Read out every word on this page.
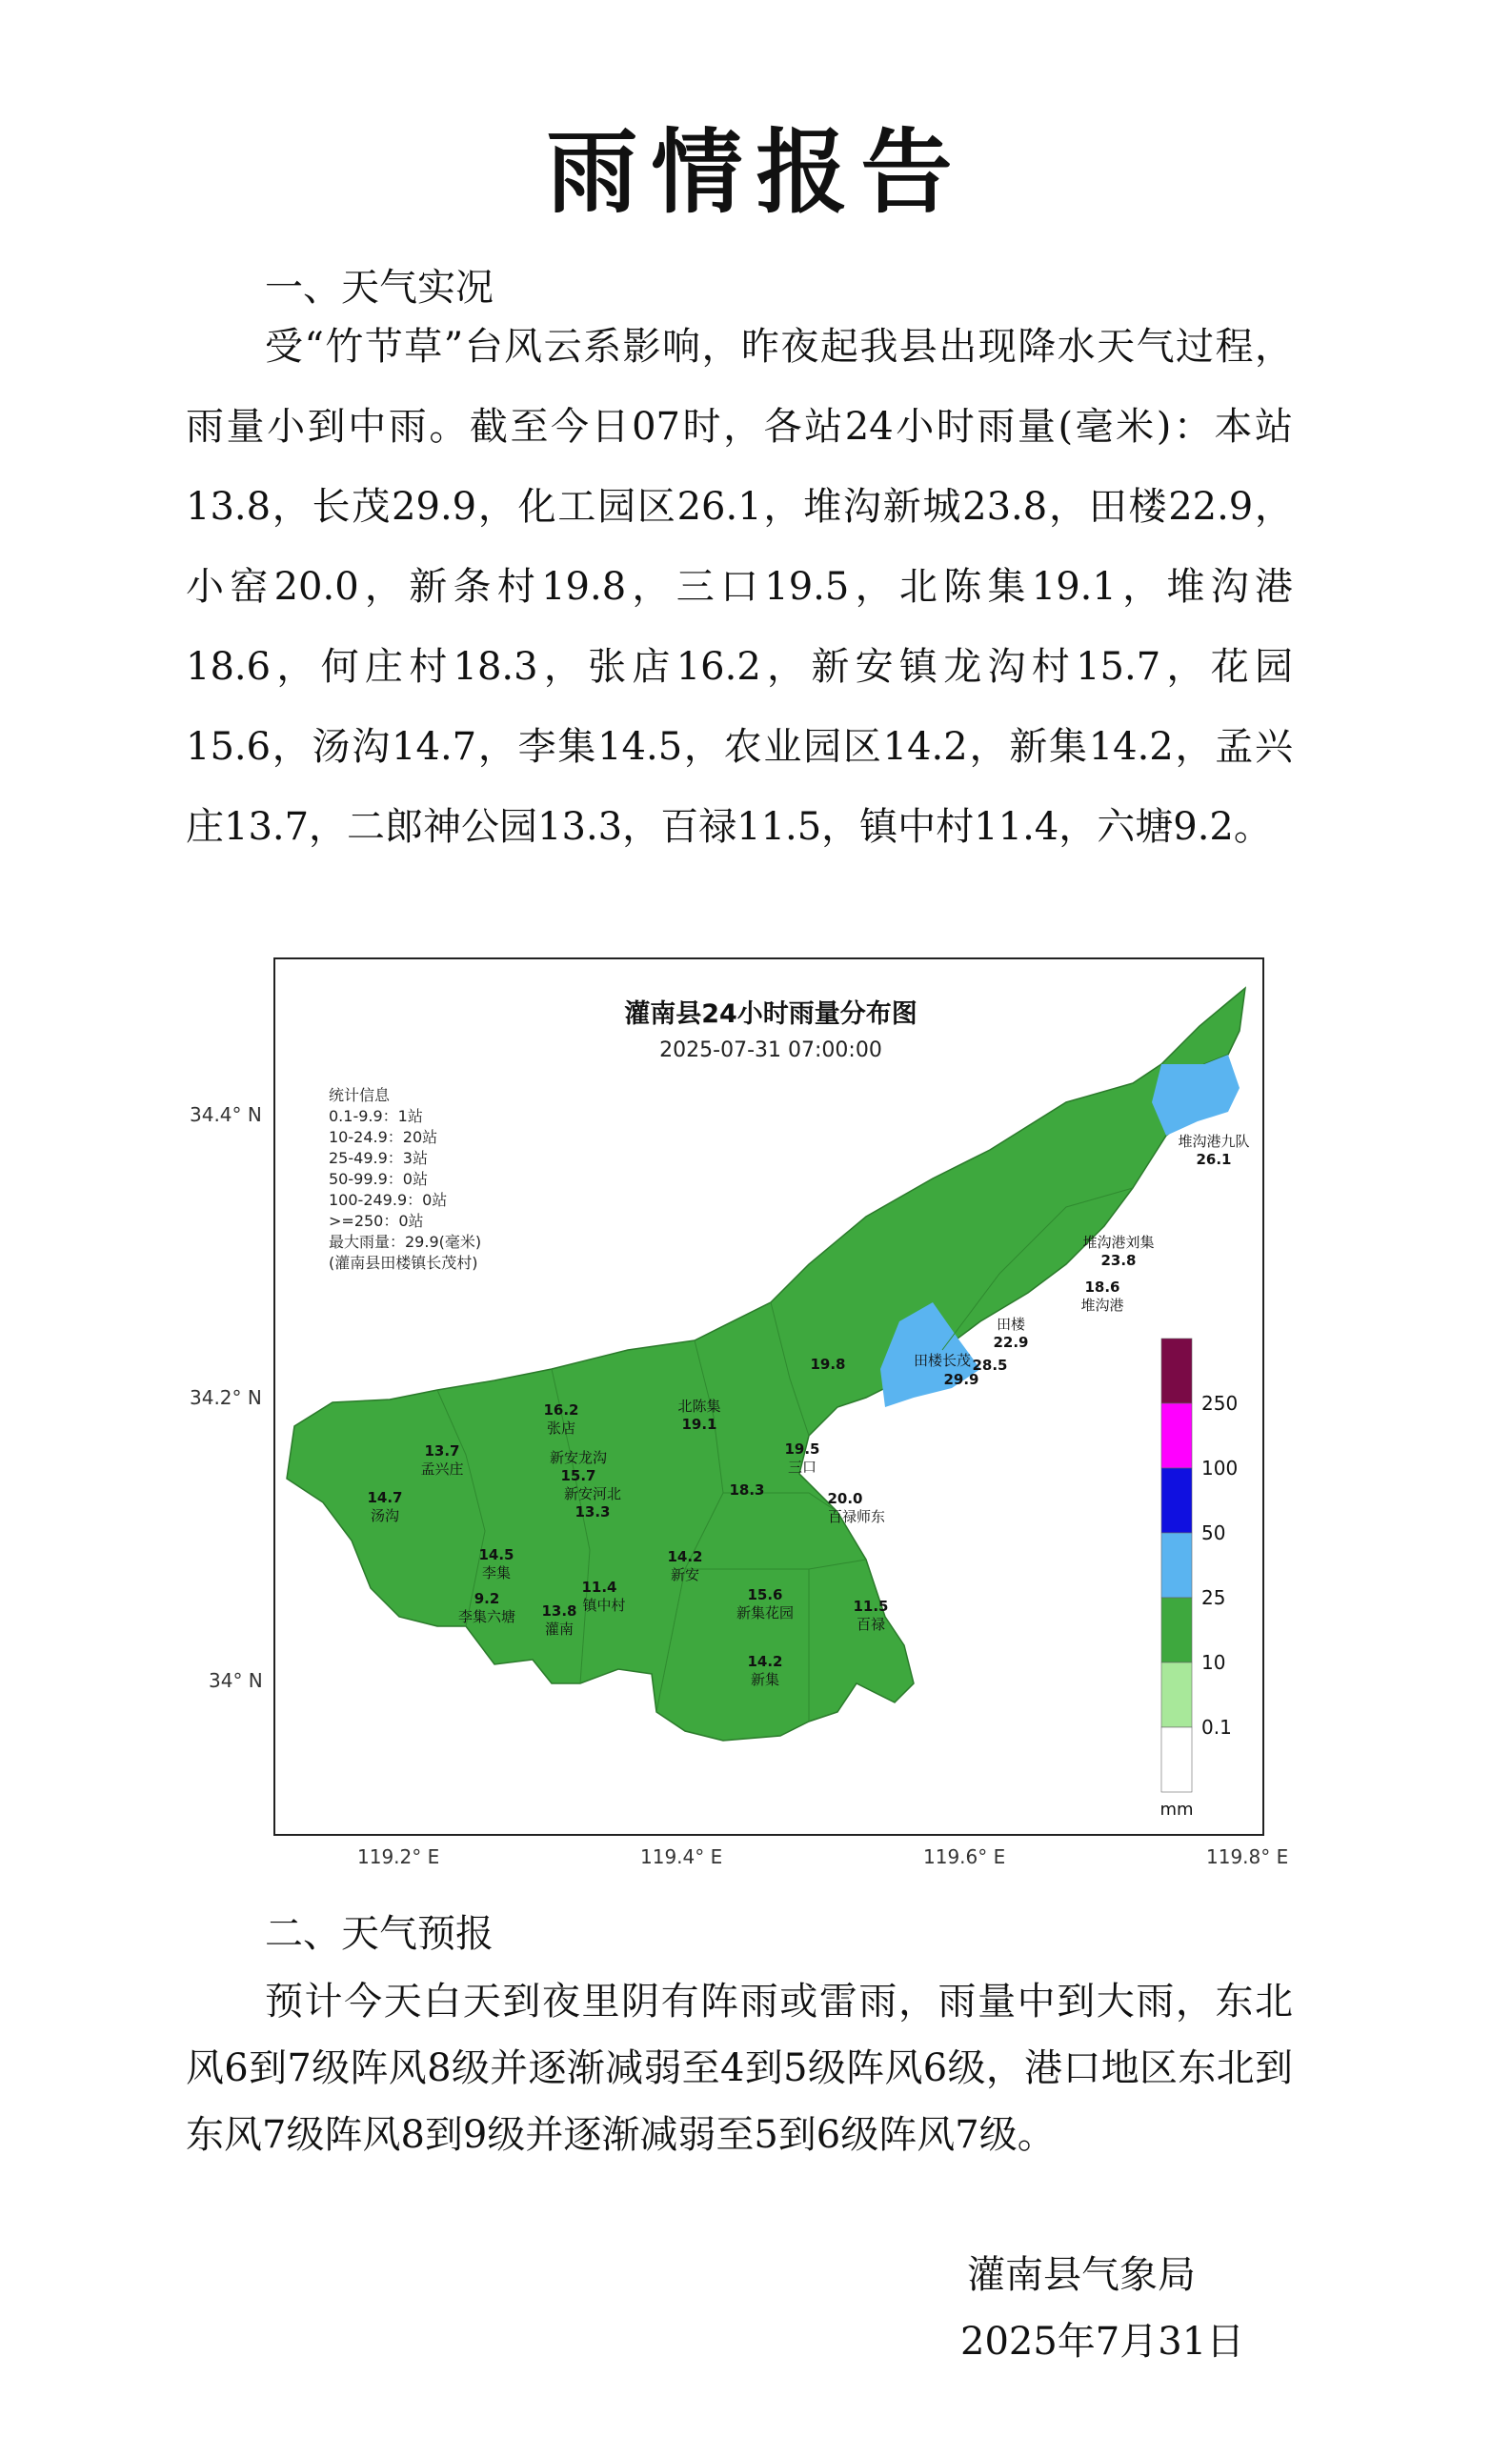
雨情报告

一、天气实况

受“竹节草”台风云系影响，昨夜起我县出现降水天气过程，雨量小到中雨。截至今日07时，各站24小时雨量(毫米)：本站13.8，长茂29.9，化工园区26.1，堆沟新城23.8，田楼22.9，小窑20.0，新条村19.8，三口19.5，北陈集19.1，堆沟港18.6，何庄村18.3，张店16.2，新安镇龙沟村15.7，花园15.6，汤沟14.7，李集14.5，农业园区14.2，新集14.2，孟兴庄13.7，二郎神公园13.3，百禄11.5，镇中村11.4，六塘9.2。

灌南县24小时雨量分布图
2025-07-31 07:00:00
统计信息
0.1-9.9：1站
10-24.9：20站
25-49.9：3站
50-99.9：0站
100-249.9：0站
>=250：0站
最大雨量：29.9(毫米)
(灌南县田楼镇长茂村)
堆沟港九队
26.1
堆沟港刘集
23.8
18.6
堆沟港
田楼
22.9
田楼长茂 28.5
29.9
19.8
北陈集
19.1
16.2
张店
13.7
孟兴庄
新安龙沟
15.7
新安河北
13.3
19.5
三口
18.3	20.0
百禄师东
14.7
汤沟
14.5
李集
9.2
李集六塘 13.8
灌南
11.4
镇中村
14.2
新安
15.6
新集花园	11.5
百禄
14.2
新集
250
100
50
25
10
0.1
mm
34.4° N
34.2° N
34° N
119.2° E	119.4° E	119.6° E	119.8° E

二、天气预报

预计今天白天到夜里阴有阵雨或雷雨，雨量中到大雨，东北风6到7级阵风8级并逐渐减弱至4到5级阵风6级，港口地区东北到东风7级阵风8到9级并逐渐减弱至5到6级阵风7级。

灌南县气象局

2025年7月31日
